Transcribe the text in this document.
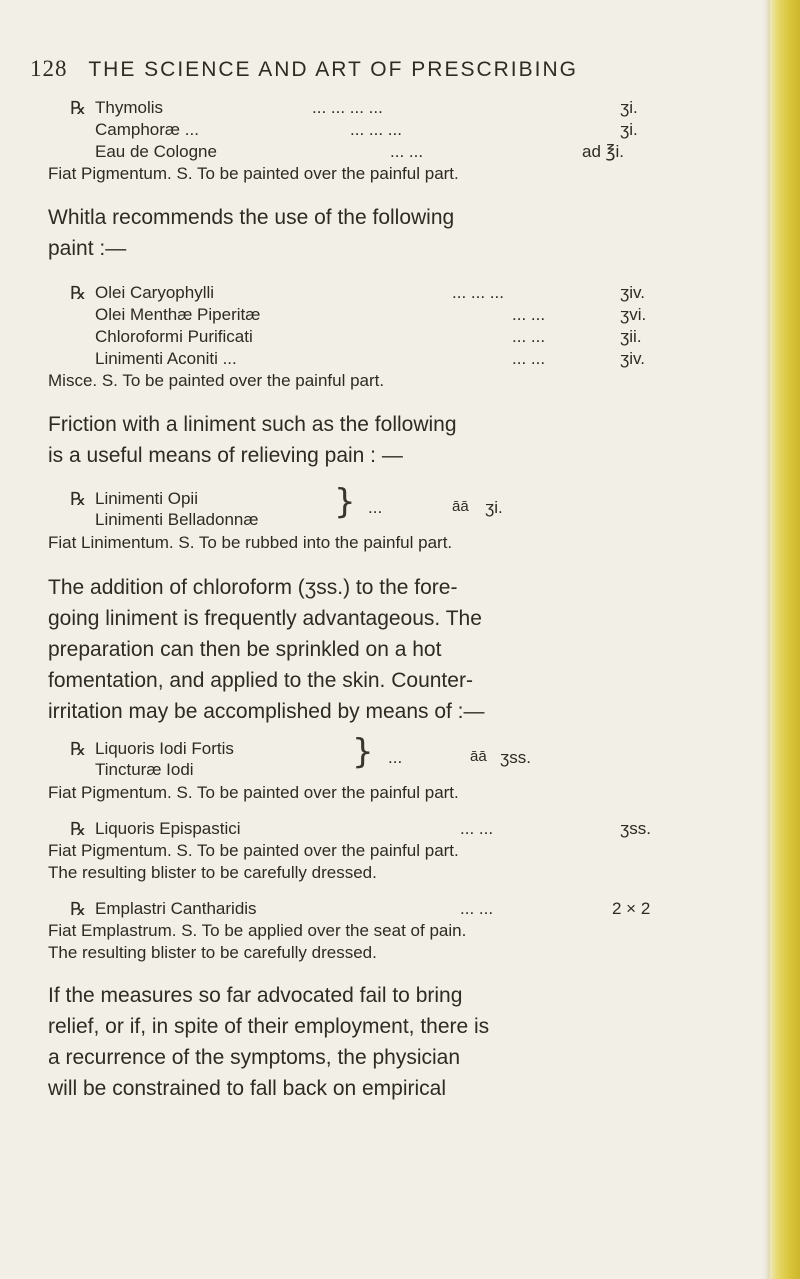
128 THE SCIENCE AND ART OF PRESCRIBING
℞ Thymolis	... ... ... ...	ʒi.
Camphoræ ...	... ... ...	ʒi.
Eau de Cologne	... ...	ad ℥i.
Fiat Pigmentum. S. To be painted over the painful part.
Whitla recommends the use of the following
paint :—
℞ Olei Caryophylli	... ... ...	ʒiv.
Olei Menthæ Piperitæ	... ...	ʒvi.
Chloroformi Purificati	... ...	ʒii.
Linimenti Aconiti ...	... ...	ʒiv.
Misce. S. To be painted over the painful part.
Friction with a liniment such as the following
is a useful means of relieving pain : —
℞ Linimenti Opii
Linimenti Belladonnæ } ...	āā ʒi.
Fiat Linimentum. S. To be rubbed into the painful part.
The addition of chloroform (ʒss.) to the fore-
going liniment is frequently advantageous. The
preparation can then be sprinkled on a hot
fomentation, and applied to the skin. Counter-
irritation may be accomplished by means of :—
℞ Liquoris Iodi Fortis
Tincturæ Iodi	} ...	āā ʒss.
Fiat Pigmentum. S. To be painted over the painful part.
℞ Liquoris Epispastici	... ...	ʒss.
Fiat Pigmentum. S. To be painted over the painful part.
The resulting blister to be carefully dressed.
℞ Emplastri Cantharidis	... ...	2 × 2
Fiat Emplastrum. S. To be applied over the seat of pain.
The resulting blister to be carefully dressed.
If the measures so far advocated fail to bring
relief, or if, in spite of their employment, there is
a recurrence of the symptoms, the physician
will be constrained to fall back on empirical
